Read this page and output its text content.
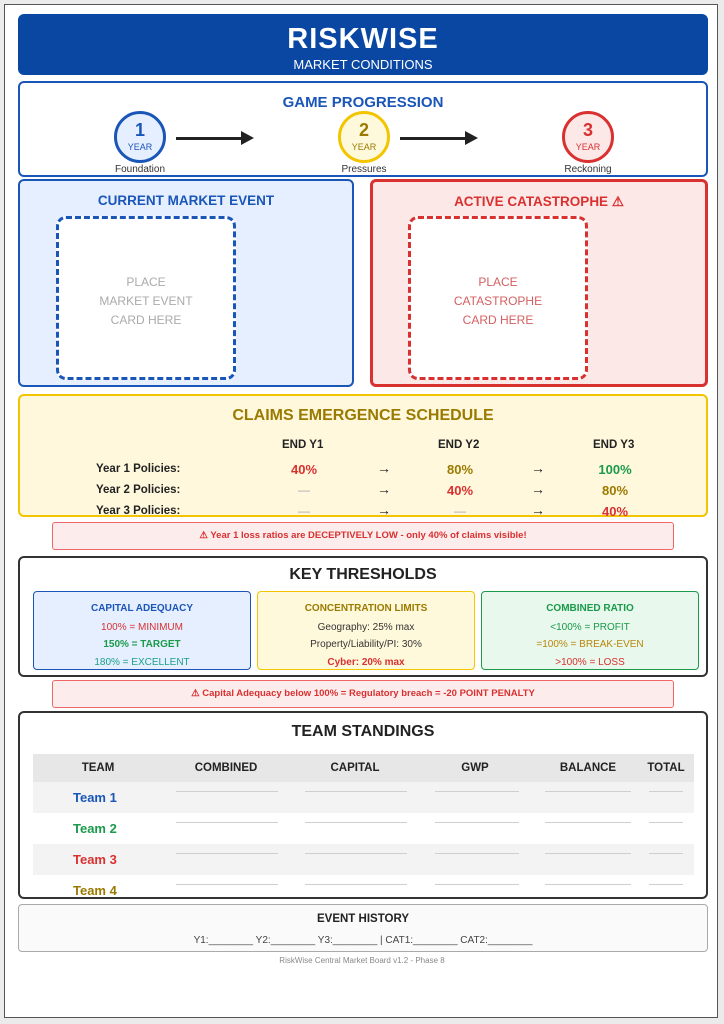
RISKWISE
MARKET CONDITIONS
GAME PROGRESSION
1
YEAR
Foundation
2
YEAR
Pressures
3
YEAR
Reckoning
CURRENT MARKET EVENT
PLACE
MARKET EVENT
CARD HERE
ACTIVE CATASTROPHE ⚠
PLACE
CATASTROPHE
CARD HERE
CLAIMS EMERGENCE SCHEDULE
END Y1	END Y2	END Y3
Year 1 Policies:	40%	→	80%	→	100%
Year 2 Policies:	—	→	40%	→	80%
Year 3 Policies:	—	→	—	→	40%
⚠ Year 1 loss ratios are DECEPTIVELY LOW - only 40% of claims visible!
KEY THRESHOLDS
CAPITAL ADEQUACY
100% = MINIMUM
150% = TARGET
180% = EXCELLENT
CONCENTRATION LIMITS
Geography: 25% max
Property/Liability/PI: 30%
Cyber: 20% max
COMBINED RATIO
<100% = PROFIT
=100% = BREAK-EVEN
>100% = LOSS
⚠ Capital Adequacy below 100% = Regulatory breach = -20 POINT PENALTY
TEAM STANDINGS
TEAM	COMBINED	CAPITAL	GWP	BALANCE	TOTAL
Team 1
Team 2
Team 3
Team 4
EVENT HISTORY
Y1:________ Y2:________ Y3:________ | CAT1:________ CAT2:________
RiskWise Central Market Board v1.2 - Phase 8
